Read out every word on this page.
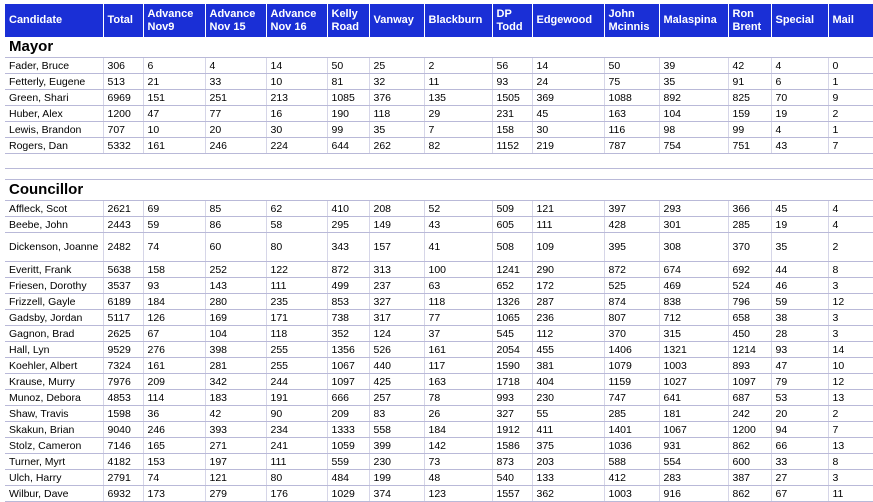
Candidate	Total	Advance Nov9	Advance Nov 15	Advance Nov 16	Kelly Road	Vanway	Blackburn	DP Todd	Edgewood	John Mcinnis	Malaspina	Ron Brent	Special	Mail
Mayor														
Fader, Bruce	306	6	4	14	50	25	2	56	14	50	39	42	4	0
Fetterly, Eugene	513	21	33	10	81	32	11	93	24	75	35	91	6	1
Green, Shari	6969	151	251	213	1085	376	135	1505	369	1088	892	825	70	9
Huber, Alex	1200	47	77	16	190	118	29	231	45	163	104	159	19	2
Lewis, Brandon	707	10	20	30	99	35	7	158	30	116	98	99	4	1
Rogers, Dan	5332	161	246	224	644	262	82	1152	219	787	754	751	43	7

Councillor														
Affleck, Scot	2621	69	85	62	410	208	52	509	121	397	293	366	45	4
Beebe, John	2443	59	86	58	295	149	43	605	111	428	301	285	19	4
Dickenson, Joanne	2482	74	60	80	343	157	41	508	109	395	308	370	35	2
Everitt, Frank	5638	158	252	122	872	313	100	1241	290	872	674	692	44	8
Friesen, Dorothy	3537	93	143	111	499	237	63	652	172	525	469	524	46	3
Frizzell, Gayle	6189	184	280	235	853	327	118	1326	287	874	838	796	59	12
Gadsby, Jordan	5117	126	169	171	738	317	77	1065	236	807	712	658	38	3
Gagnon, Brad	2625	67	104	118	352	124	37	545	112	370	315	450	28	3
Hall, Lyn	9529	276	398	255	1356	526	161	2054	455	1406	1321	1214	93	14
Koehler, Albert	7324	161	281	255	1067	440	117	1590	381	1079	1003	893	47	10
Krause, Murry	7976	209	342	244	1097	425	163	1718	404	1159	1027	1097	79	12
Munoz, Debora	4853	114	183	191	666	257	78	993	230	747	641	687	53	13
Shaw, Travis	1598	36	42	90	209	83	26	327	55	285	181	242	20	2
Skakun, Brian	9040	246	393	234	1333	558	184	1912	411	1401	1067	1200	94	7
Stolz, Cameron	7146	165	271	241	1059	399	142	1586	375	1036	931	862	66	13
Turner, Myrt	4182	153	197	111	559	230	73	873	203	588	554	600	33	8
Ulch, Harry	2791	74	121	80	484	199	48	540	133	412	283	387	27	3
Wilbur, Dave	6932	173	279	176	1029	374	123	1557	362	1003	916	862	67	11
